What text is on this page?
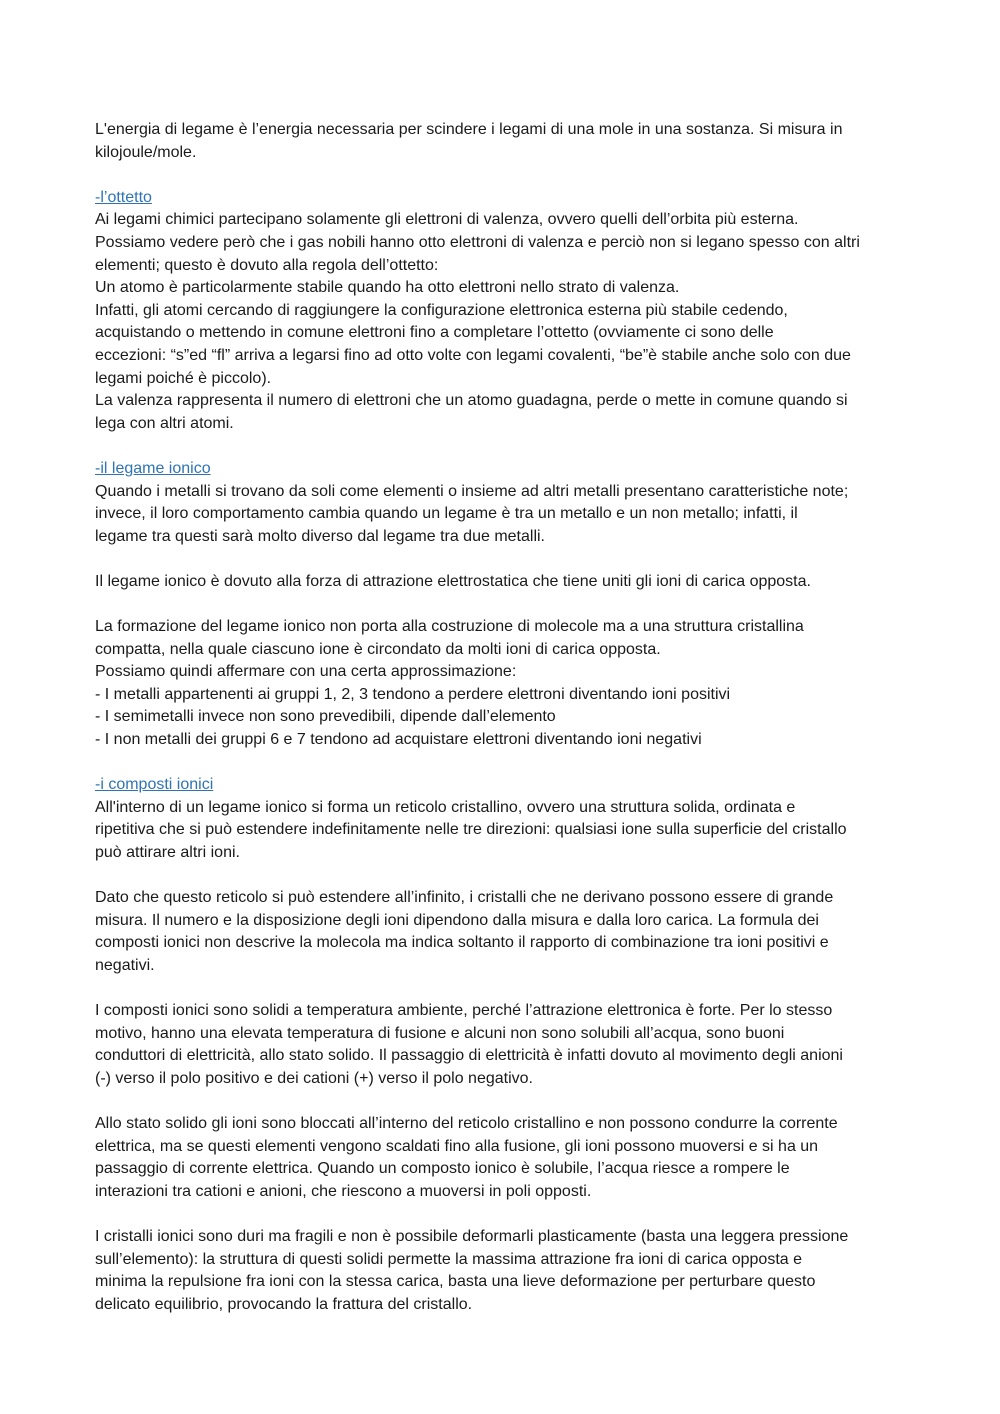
L'energia di legame è l’energia necessaria per scindere i legami di una mole in una sostanza. Si misura in
kilojoule/mole.
-l’ottetto
Ai legami chimici partecipano solamente gli elettroni di valenza, ovvero quelli dell’orbita più esterna.
Possiamo vedere però che i gas nobili hanno otto elettroni di valenza e perciò non si legano spesso con altri
elementi; questo è dovuto alla regola dell’ottetto:
Un atomo è particolarmente stabile quando ha otto elettroni nello strato di valenza.
Infatti, gli atomi cercando di raggiungere la configurazione elettronica esterna più stabile cedendo,
acquistando o mettendo in comune elettroni fino a completare l’ottetto (ovviamente ci sono delle
eccezioni: “s”ed “fl” arriva a legarsi fino ad otto volte con legami covalenti, “be”è stabile anche solo con due
legami poiché è piccolo).
La valenza rappresenta il numero di elettroni che un atomo guadagna, perde o mette in comune quando si
lega con altri atomi.
-il legame ionico
Quando i metalli si trovano da soli come elementi o insieme ad altri metalli presentano caratteristiche note;
invece, il loro comportamento cambia quando un legame è tra un metallo e un non metallo; infatti, il
legame tra questi sarà molto diverso dal legame tra due metalli.
Il legame ionico è dovuto alla forza di attrazione elettrostatica che tiene uniti gli ioni di carica opposta.
La formazione del legame ionico non porta alla costruzione di molecole ma a una struttura cristallina
compatta, nella quale ciascuno ione è circondato da molti ioni di carica opposta.
Possiamo quindi affermare con una certa approssimazione:
- I metalli appartenenti ai gruppi 1, 2, 3 tendono a perdere elettroni diventando ioni positivi
- I semimetalli invece non sono prevedibili, dipende dall’elemento
- I non metalli dei gruppi 6 e 7 tendono ad acquistare elettroni diventando ioni negativi
-i composti ionici
All'interno di un legame ionico si forma un reticolo cristallino, ovvero una struttura solida, ordinata e
ripetitiva che si può estendere indefinitamente nelle tre direzioni: qualsiasi ione sulla superficie del cristallo
può attirare altri ioni.
Dato che questo reticolo si può estendere all’infinito, i cristalli che ne derivano possono essere di grande
misura. Il numero e la disposizione degli ioni dipendono dalla misura e dalla loro carica. La formula dei
composti ionici non descrive la molecola ma indica soltanto il rapporto di combinazione tra ioni positivi e
negativi.
I composti ionici sono solidi a temperatura ambiente, perché l’attrazione elettronica è forte. Per lo stesso
motivo, hanno una elevata temperatura di fusione e alcuni non sono solubili all’acqua, sono buoni
conduttori di elettricità, allo stato solido. Il passaggio di elettricità è infatti dovuto al movimento degli anioni
(-) verso il polo positivo e dei cationi (+) verso il polo negativo.
Allo stato solido gli ioni sono bloccati all’interno del reticolo cristallino e non possono condurre la corrente
elettrica, ma se questi elementi vengono scaldati fino alla fusione, gli ioni possono muoversi e si ha un
passaggio di corrente elettrica. Quando un composto ionico è solubile, l’acqua riesce a rompere le
interazioni tra cationi e anioni, che riescono a muoversi in poli opposti.
I cristalli ionici sono duri ma fragili e non è possibile deformarli plasticamente (basta una leggera pressione
sull’elemento): la struttura di questi solidi permette la massima attrazione fra ioni di carica opposta e
minima la repulsione fra ioni con la stessa carica, basta una lieve deformazione per perturbare questo
delicato equilibrio, provocando la frattura del cristallo.
